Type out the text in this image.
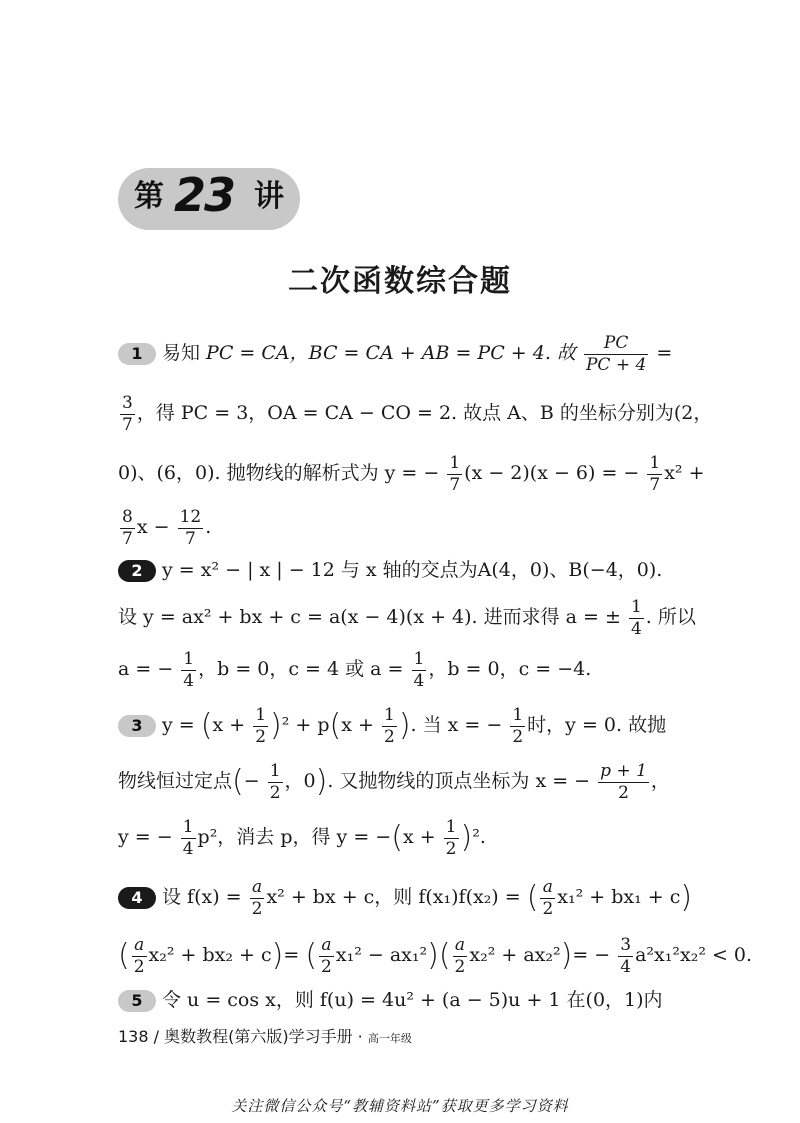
第 23 讲
二次函数综合题
1 易知 PC = CA，BC = CA + AB = PC + 4. 故 $\frac{PC}{PC + 4}$ =
$\frac{3}{7}$ ，得 PC = 3，OA = CA − CO = 2. 故点 A、B 的坐标分别为(2，
0)、(6，0). 抛物线的解析式为 y = − $\frac{1}{7} (x - 2)(x - 6)$ = − $\frac{1}{7} x^2$ +
$\frac{8}{7}$ $x - \frac{12}{7}$ .
2 y = x² − | x | − 12 与 x 轴的交点为A(4，0)、B(−4，0).
设 y = ax² + bx + c = a(x − 4)(x + 4). 进而求得 a = ± $\frac{1}{4}$ . 所以
a = − $\frac{1}{4}$ ，b = 0，c = 4 或 $a = \frac{1}{4}$ ，b = 0，c = −4.
3 $y = (x + \frac{1}{2} )^2 + p(x + \frac{1}{2}$ ). 当 x = − $\frac{1}{2}$ 时，y = 0. 故抛
物线恒过定点(− $\frac{1}{2}$ ，0). 又抛物线的顶点坐标为 x = − $\frac{p + 1}{2}$ ，
y = − $\frac{1}{4} p^2$，消去 p，得 $y = -(x + \frac{1}{2} )^2$.
4 设 $f(x) = \frac{a}{2} x^2$ + bx + c，则 f(x₁)f(x₂) = ( $\frac{a}{2} x_1^2 + bx_1 + c$)
( $\frac{a}{2} x_2^2 + bx_2 + c)=$ ( $\frac{a}{2} x_1^2 - ax_1^2)( \frac{a}{2} x_2^2 + ax_2^2)= - \frac{3}{4} a^2x_1^2x_2^2 < 0$.
5 令 u = cos x，则 f(u) = 4u² + (a − 5)u + 1 在(0，1)内
138 / 奥数教程(第六版)学习手册 · 高一年级
关注微信公众号“教辅资料站”获取更多学习资料
